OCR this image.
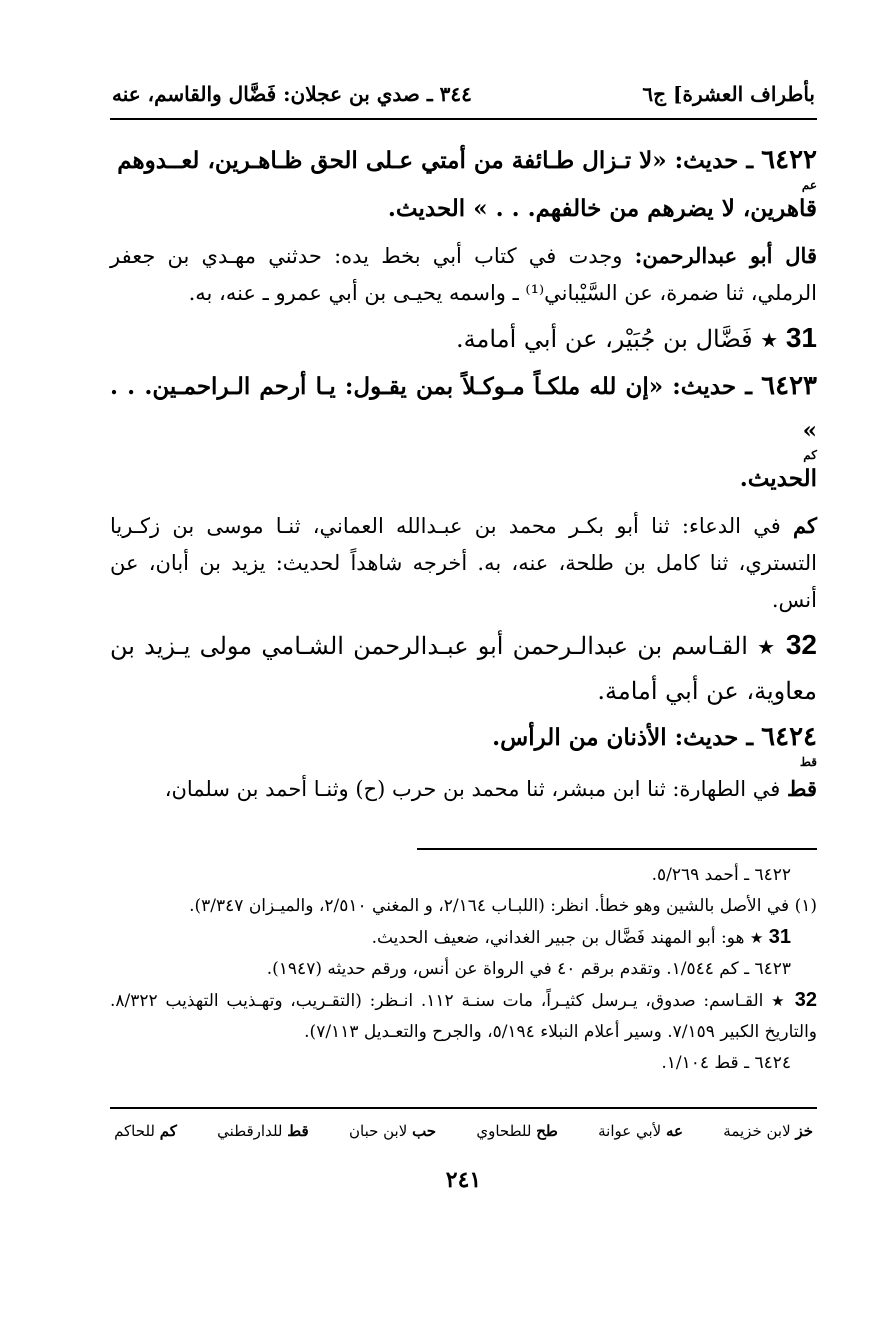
بأطراف العشرة] ج٦
٣٤٤ ـ صدي بن عجلان: فَضَّال والقاسم، عنه
٦٤٢٢ ـ حديث: «لا تـزال طـائفة من أمتي عـلى الحق ظـاهـرين، لعــدوهم
عم
قاهرين، لا يضرهم من خالفهم. . . » الحديث.
قال أبو عبدالرحمن: وجدت في كتاب أبي بخط يده: حدثني مهـدي بن جعفر الرملي، ثنا ضمرة، عن السَّيْباني⁽¹⁾ ـ واسمه يحيـى بن أبي عمرو ـ عنه، به.
31 ★ فَضَّال بن جُبَيْر، عن أبي أمامة.
٦٤٢٣ ـ حديث: «إن لله ملكـاً مـوكـلاً بمن يقـول: يـا أرحم الـراحمـين. . . »
كم
الحديث.
كم في الدعاء: ثنا أبو بكـر محمد بن عبـدالله العماني، ثنـا موسى بن زكـريا التستري، ثنا كامل بن طلحة، عنه، به. أخرجه شاهداً لحديث: يزيد بن أبان، عن أنس.
32 ★ القـاسم بن عبدالـرحمن أبو عبـدالرحمن الشـامي مولى يـزيد بن معاوية، عن أبي أمامة.
٦٤٢٤ ـ حديث: الأذنان من الرأس.
قط
قط في الطهارة: ثنا ابن مبشر، ثنا محمد بن حرب (ح) وثنـا أحمد بن سلمان،
٦٤٢٢ ـ أحمد ٥/٢٦٩.
(١) في الأصل بالشين وهو خطأ. انظر: (اللبـاب ٢/١٦٤، و المغني ٢/٥١٠، والميـزان ٣/٣٤٧).
31 ★ هو: أبو المهند فَضَّال بن جبير الغداني، ضعيف الحديث.
٦٤٢٣ ـ كم ١/٥٤٤. وتقدم برقم ٤٠ في الرواة عن أنس، ورقم حديثه (١٩٤٧).
32 ★ القـاسم: صدوق، يـرسل كثيـراً، مات سنـة ١١٢. انـظر: (التقـريب، وتهـذيب التهذيب ٨/٣٢٢. والتاريخ الكبير ٧/١٥٩. وسير أعلام النبلاء ٥/١٩٤، والجرح والتعـديل ٧/١١٣).
٦٤٢٤ ـ قط ١/١٠٤.
خز لابن خزيمة
عه لأبي عوانة
طح للطحاوي
حب لابن حبان
قط للدارقطني
كم للحاكم
٢٤١
